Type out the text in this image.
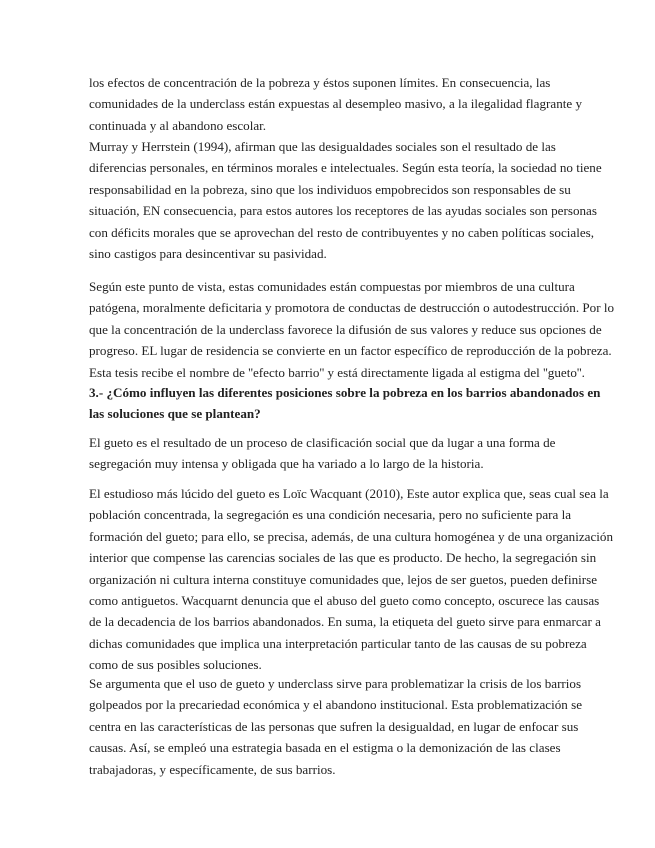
los efectos de concentración de la pobreza y éstos suponen límites. En consecuencia, las
comunidades de la underclass están expuestas al desempleo masivo, a la ilegalidad flagrante y
continuada y al abandono escolar.

Murray y Herrstein (1994), afirman que las desigualdades sociales son el resultado de las
diferencias personales, en términos morales e intelectuales. Según esta teoría, la sociedad no tiene
responsabilidad en la pobreza, sino que los individuos empobrecidos son responsables de su
situación, EN consecuencia, para estos autores los receptores de las ayudas sociales son personas
con déficits morales que se aprovechan del resto de contribuyentes y no caben políticas sociales,
sino castigos para desincentivar su pasividad.

Según este punto de vista, estas comunidades están compuestas por miembros de una cultura
patógena, moralmente deficitaria y promotora de conductas de destrucción o autodestrucción. Por lo
que la concentración de la underclass favorece la difusión de sus valores y reduce sus opciones de
progreso. EL lugar de residencia se convierte en un factor específico de reproducción de la pobreza.
Esta tesis recibe el nombre de ''efecto barrio'' y está directamente ligada al estigma del ''gueto''.

3.- ¿Cómo influyen las diferentes posiciones sobre la pobreza en los barrios abandonados en
las soluciones que se plantean?

El gueto es el resultado de un proceso de clasificación social que da lugar a una forma de
segregación muy intensa y obligada que ha variado a lo largo de la historia.

El estudioso más lúcido del gueto es Loïc Wacquant (2010), Este autor explica que, seas cual sea la
población concentrada, la segregación es una condición necesaria, pero no suficiente para la
formación del gueto; para ello, se precisa, además, de una cultura homogénea y de una organización
interior que compense las carencias sociales de las que es producto. De hecho, la segregación sin
organización ni cultura interna constituye comunidades que, lejos de ser guetos, pueden definirse
como antiguetos. Wacquarnt denuncia que el abuso del gueto como concepto, oscurece las causas
de la decadencia de los barrios abandonados. En suma, la etiqueta del gueto sirve para enmarcar a
dichas comunidades que implica una interpretación particular tanto de las causas de su pobreza
como de sus posibles soluciones.

Se argumenta que el uso de gueto y underclass sirve para problematizar la crisis de los barrios
golpeados por la precariedad económica y el abandono institucional. Esta problematización se
centra en las características de las personas que sufren la desigualdad, en lugar de enfocar sus
causas. Así, se empleó una estrategia basada en el estigma o la demonización de las clases
trabajadoras, y específicamente, de sus barrios.
